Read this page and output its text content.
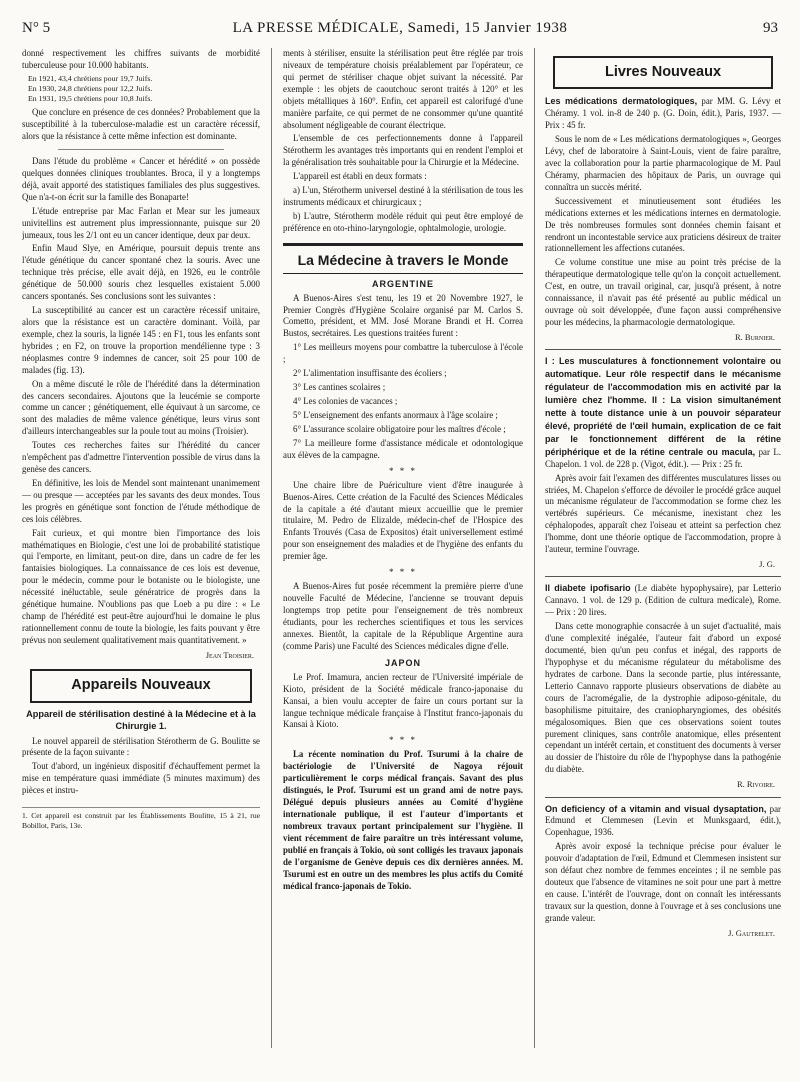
N° 5	LA PRESSE MÉDICALE, Samedi, 15 Janvier 1938	93

donné respectivement les chiffres suivants de morbidité tuberculeuse pour 10.000 habitants.

En 1921, 43,4 chrétiens pour 19,7 Juifs.
En 1930, 24,8 chrétiens pour 12,2 Juifs.
En 1931, 19,5 chrétiens pour 10,8 Juifs.

Que conclure en présence de ces données? Probablement que la susceptibilité à la tuberculose-maladie est un caractère récessif, alors que la résistance à cette même infection est dominante.

Dans l'étude du problème « Cancer et hérédité » on possède quelques données cliniques troublantes. Broca, il y a longtemps déjà, avait apporté des statistiques familiales des plus suggestives. Que n'a-t-on écrit sur la famille des Bonaparte!

L'étude entreprise par Mac Farlan et Mear sur les jumeaux univitellins est autrement plus impressionnante, puisque sur 20 jumeaux, tous les 2/1 ont eu un cancer identique, deux par deux.

Enfin Maud Slye, en Amérique, poursuit depuis trente ans l'étude génétique du cancer spontané chez la souris. Avec une technique très précise, elle avait déjà, en 1926, eu le contrôle génétique de 50.000 souris chez lesquelles existaient 5.000 cancers spontanés. Ses conclusions sont les suivantes :

La susceptibilité au cancer est un caractère récessif unitaire, alors que la résistance est un caractère dominant. Voilà, par exemple, chez la souris, la lignée 145 : en F1, tous les enfants sont hybrides ; en F2, on trouve la proportion mendélienne type : 3 néoplasmes contre 9 indemnes de cancer, soit 25 pour 100 de malades (fig. 13).

On a même discuté le rôle de l'hérédité dans la détermination des cancers secondaires. Ajoutons que la leucémie se comporte comme un cancer ; génétiquement, elle équivaut à un sarcome, ce sont des maladies de même valence génétique, leurs virus sont d'ailleurs interchangeables sur la poule tout au moins (Troisier).

Toutes ces recherches faites sur l'hérédité du cancer n'empêchent pas d'admettre l'intervention possible de virus dans la genèse des cancers.

En définitive, les lois de Mendel sont maintenant unanimement — ou presque — acceptées par les savants des deux mondes. Tous les progrès en génétique sont fonction de l'étude méthodique de ces lois célèbres.

Fait curieux, et qui montre bien l'importance des lois mathématiques en Biologie, c'est une loi de probabilité statistique qui l'emporte, en limitant, peut-on dire, dans un cadre de fer les fantaisies biologiques. La connaissance de ces lois est devenue, pour le médecin, comme pour le botaniste ou le biologiste, une nécessité inéluctable, seule génératrice de progrès dans la génétique humaine. N'oublions pas que Loeb a pu dire : « Le champ de l'hérédité est peut-être aujourd'hui le domaine le plus rationnellement connu de toute la biologie, les faits pouvant y être prévus non seulement qualitativement mais quantitativement. »

Jean Troisier.
Appareils Nouveaux
Appareil de stérilisation destiné à la Médecine et à la Chirurgie 1.

Le nouvel appareil de stérilisation Stérotherm de G. Boulitte se présente de la façon suivante :

Tout d'abord, un ingénieux dispositif d'échauffement permet la mise en température quasi immédiate (5 minutes maximum) des pièces et instru-

1. Cet appareil est construit par les Établissements Boulitte, 15 à 21, rue Bobillot, Paris, 13e.

ments à stériliser, ensuite la stérilisation peut être réglée par trois niveaux de température choisis préalablement par l'opérateur, ce qui permet de stériliser chaque objet suivant la nécessité. Par exemple : les objets de caoutchouc seront traités à 120° et les objets métalliques à 160°. Enfin, cet appareil est calorifugé d'une manière parfaite, ce qui permet de ne consommer qu'une quantité absolument négligeable de courant électrique.

L'ensemble de ces perfectionnements donne à l'appareil Stérotherm les avantages très importants qui en rendent l'emploi et la généralisation très souhaitable pour la Chirurgie et la Médecine.

L'appareil est établi en deux formats :

a) L'un, Stérotherm universel destiné à la stérilisation de tous les instruments médicaux et chirurgicaux ;

b) L'autre, Stérotherm modèle réduit qui peut être employé de préférence en oto-rhino-laryngologie, ophtalmologie, urologie.

La Médecine à travers le Monde
ARGENTINE

A Buenos-Aires s'est tenu, les 19 et 20 Novembre 1927, le Premier Congrès d'Hygiène Scolaire organisé par M. Carlos S. Cometto, président, et MM. José Morane Brandi et H. Correa Bustos, secrétaires. Les questions traitées furent :

1° Les meilleurs moyens pour combattre la tuberculose à l'école ;

2° L'alimentation insuffisante des écoliers ;

3° Les cantines scolaires ;

4° Les colonies de vacances ;

5° L'enseignement des enfants anormaux à l'âge scolaire ;

6° L'assurance scolaire obligatoire pour les maîtres d'école ;

7° La meilleure forme d'assistance médicale et odontologique aux élèves de la campagne.

* * *

Une chaire libre de Puériculture vient d'être inaugurée à Buenos-Aires. Cette création de la Faculté des Sciences Médicales de la capitale a été d'autant mieux accueillie que le premier titulaire, M. Pedro de Elizalde, médecin-chef de l'Hospice des Enfants Trouvés (Casa de Expositos) était universellement estimé pour son enseignement des maladies et de l'hygiène des enfants du premier âge.

* * *

A Buenos-Aires fut posée récemment la première pierre d'une nouvelle Faculté de Médecine, l'ancienne se trouvant depuis longtemps trop petite pour l'enseignement de très nombreux étudiants, pour les recherches scientifiques et tous les services annexes. Bientôt, la capitale de la République Argentine aura (comme Paris) une Faculté des Sciences médicales digne d'elle.

JAPON

Le Prof. Imamura, ancien recteur de l'Université impériale de Kioto, président de la Société médicale franco-japonaise du Kansai, a bien voulu accepter de faire un cours portant sur la langue technique médicale française à l'Institut franco-japonais du Kansai à Kioto.

* * *

La récente nomination du Prof. Tsurumi à la chaire de bactériologie de l'Université de Nagoya réjouit particulièrement le corps médical français. Savant des plus distingués, le Prof. Tsurumi est un grand ami de notre pays. Délégué depuis plusieurs années au Comité d'hygiène internationale publique, il est l'auteur d'importants et nombreux travaux portant principalement sur l'hygiène. Il vient récemment de faire paraître un très intéressant volume, publié en français à Tokio, où sont colligés les travaux japonais de l'organisme de Genève depuis ces dix dernières années. M. Tsurumi est en outre un des membres les plus actifs du Comité médical franco-japonais de Tokio.

Livres Nouveaux

Les médications dermatologiques, par MM. G. Lévy et Chéramy. 1 vol. in-8 de 240 p. (G. Doin, édit.), Paris, 1937. — Prix : 45 fr.

Sous le nom de « Les médications dermatologiques », Georges Lévy, chef de laboratoire à Saint-Louis, vient de faire paraître, avec la collaboration pour la partie pharmacologique de M. Paul Chéramy, pharmacien des hôpitaux de Paris, un ouvrage qui connaîtra un succès mérité.

Successivement et minutieusement sont étudiées les médications externes et les médications internes en dermatologie. De très nombreuses formules sont données chemin faisant et rendront un incontestable service aux praticiens désireux de traiter rationnellement les affections cutanées.

Ce volume constitue une mise au point très précise de la thérapeutique dermatologique telle qu'on la conçoit actuellement. C'est, en outre, un travail original, car, jusqu'à présent, à notre connaissance, il n'avait pas été présenté au public médical un ouvrage où soit développée, d'une façon aussi compréhensive pour les médecins, la pharmacologie dermatologique.

R. Burnier.

I : Les musculatures à fonctionnement volontaire ou automatique. Leur rôle respectif dans le mécanisme régulateur de l'accommodation mis en activité par la lumière chez l'homme. II : La vision simultanément nette à toute distance unie à un pouvoir séparateur élevé, propriété de l'œil humain, explication de ce fait par le fonctionnement différent de la rétine périphérique et de la rétine centrale ou macula, par L. Chapelon. 1 vol. de 228 p. (Vigot, édit.). — Prix : 25 fr.

Après avoir fait l'examen des différentes musculatures lisses ou striées, M. Chapelon s'efforce de dévoiler le procédé grâce auquel un mécanisme régulateur de l'accommodation se forme chez les vertébrés supérieurs. Ce mécanisme, inexistant chez les céphalopodes, apparaît chez l'oiseau et atteint sa perfection chez l'homme, dont une théorie optique de l'accommodation, propre à l'auteur, termine l'ouvrage.

J. G.

Il diabete ipofisario (Le diabète hypophysaire), par Letterio Cannavo. 1 vol. de 129 p. (Edition de cultura medicale), Rome. — Prix : 20 lires.

Dans cette monographie consacrée à un sujet d'actualité, mais d'une complexité inégalée, l'auteur fait d'abord un exposé documenté, bien qu'un peu confus et inégal, des rapports de l'hypophyse et du mécanisme régulateur du métabolisme des hydrates de carbone. Dans la seconde partie, plus intéressante, Letterio Cannavo rapporte plusieurs observations de diabète au cours de l'acromégalie, de la dystrophie adiposo-génitale, du basophilisme pituitaire, des craniopharyngiomes, des obésités mégalosomiques. Bien que ces observations soient toutes purement cliniques, sans contrôle anatomique, elles présentent cependant un intérêt certain, et constituent des documents à verser au dossier de l'histoire du rôle de l'hypophyse dans la pathogénie du diabète.

R. Rivoire.

On deficiency of a vitamin and visual dysaptation, par Edmund et Clemmesen (Levin et Munksgaard, édit.), Copenhague, 1936.

Après avoir exposé la technique précise pour évaluer le pouvoir d'adaptation de l'œil, Edmund et Clemmesen insistent sur son défaut chez nombre de femmes enceintes ; il ne semble pas douteux que l'absence de vitamines ne soit pour une part à mettre en cause. L'intérêt de l'ouvrage, dont on connaît les intéressants travaux sur la question, donne à l'ouvrage et à ses conclusions une grande valeur.

J. Gautrelet.
